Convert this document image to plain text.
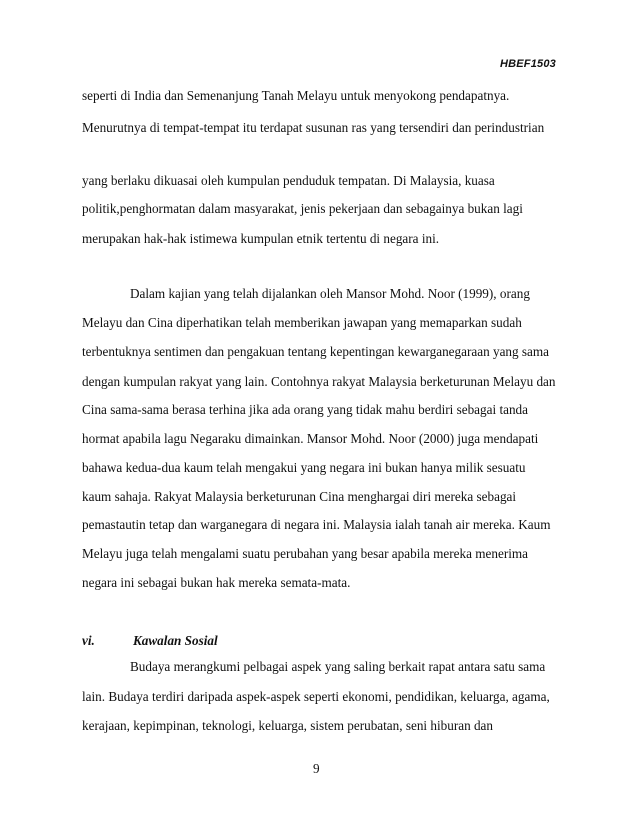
HBEF1503
seperti di India dan Semenanjung Tanah Melayu untuk menyokong pendapatnya.
Menurutnya di tempat-tempat itu terdapat susunan ras yang tersendiri dan perindustrian
yang berlaku dikuasai oleh kumpulan penduduk tempatan. Di Malaysia, kuasa
politik,penghormatan dalam masyarakat, jenis pekerjaan dan sebagainya bukan lagi
merupakan hak-hak istimewa kumpulan etnik tertentu di negara ini.
Dalam kajian yang telah dijalankan oleh Mansor Mohd. Noor (1999), orang
Melayu dan Cina diperhatikan telah memberikan jawapan yang memaparkan sudah
terbentuknya sentimen dan pengakuan tentang kepentingan kewarganegaraan yang sama
dengan kumpulan rakyat yang lain. Contohnya rakyat Malaysia berketurunan Melayu dan
Cina sama-sama berasa terhina jika ada orang yang tidak mahu berdiri sebagai tanda
hormat apabila lagu Negaraku dimainkan. Mansor Mohd. Noor (2000) juga mendapati
bahawa kedua-dua kaum telah mengakui yang negara ini bukan hanya milik sesuatu
kaum sahaja. Rakyat Malaysia berketurunan Cina menghargai diri mereka sebagai
pemastautin tetap dan warganegara di negara ini. Malaysia ialah tanah air mereka. Kaum
Melayu juga telah mengalami suatu perubahan yang besar apabila mereka menerima
negara ini sebagai bukan hak mereka semata-mata.
vi.	Kawalan Sosial
Budaya merangkumi pelbagai aspek yang saling berkait rapat antara satu sama
lain. Budaya terdiri daripada aspek-aspek seperti ekonomi, pendidikan, keluarga, agama,
kerajaan, kepimpinan, teknologi, keluarga, sistem perubatan, seni hiburan dan
9
